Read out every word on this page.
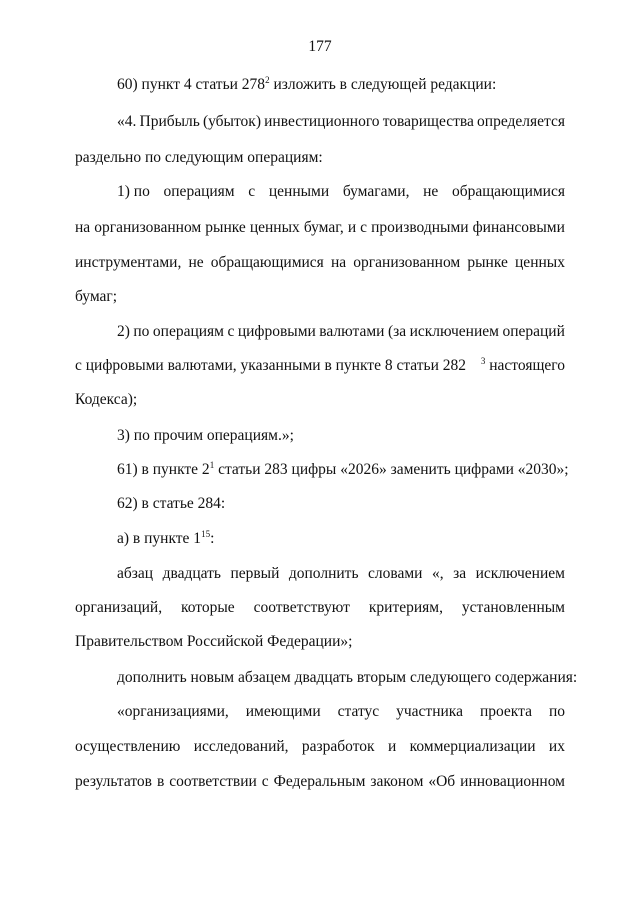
177
60) пункт 4 статьи $278^2$ изложить в следующей редакции:
«4. Прибыль (убыток) инвестиционного товарищества определяется
раздельно по следующим операциям:
1) по операциям с ценными бумагами, не обращающимися
на организованном рынке ценных бумаг, и с производными финансовыми
инструментами, не обращающимися на организованном рынке ценных
бумаг;
2) по операциям с цифровыми валютами (за исключением операций
с цифровыми валютами, указанными в пункте 8 статьи 282 $^3$ настоящего
Кодекса);
3) по прочим операциям.»;
61) в пункте $2^1$ статьи 283 цифры «2026» заменить цифрами «2030»;
62) в статье 284:
а) в пункте $1^{15}$:
абзац двадцать первый дополнить словами «, за исключением
организаций, которые соответствуют критериям, установленным
Правительством Российской Федерации»;
дополнить новым абзацем двадцать вторым следующего содержания:
«организациями, имеющими статус участника проекта по
осуществлению исследований, разработок и коммерциализации их
результатов в соответствии с Федеральным законом «Об инновационном
